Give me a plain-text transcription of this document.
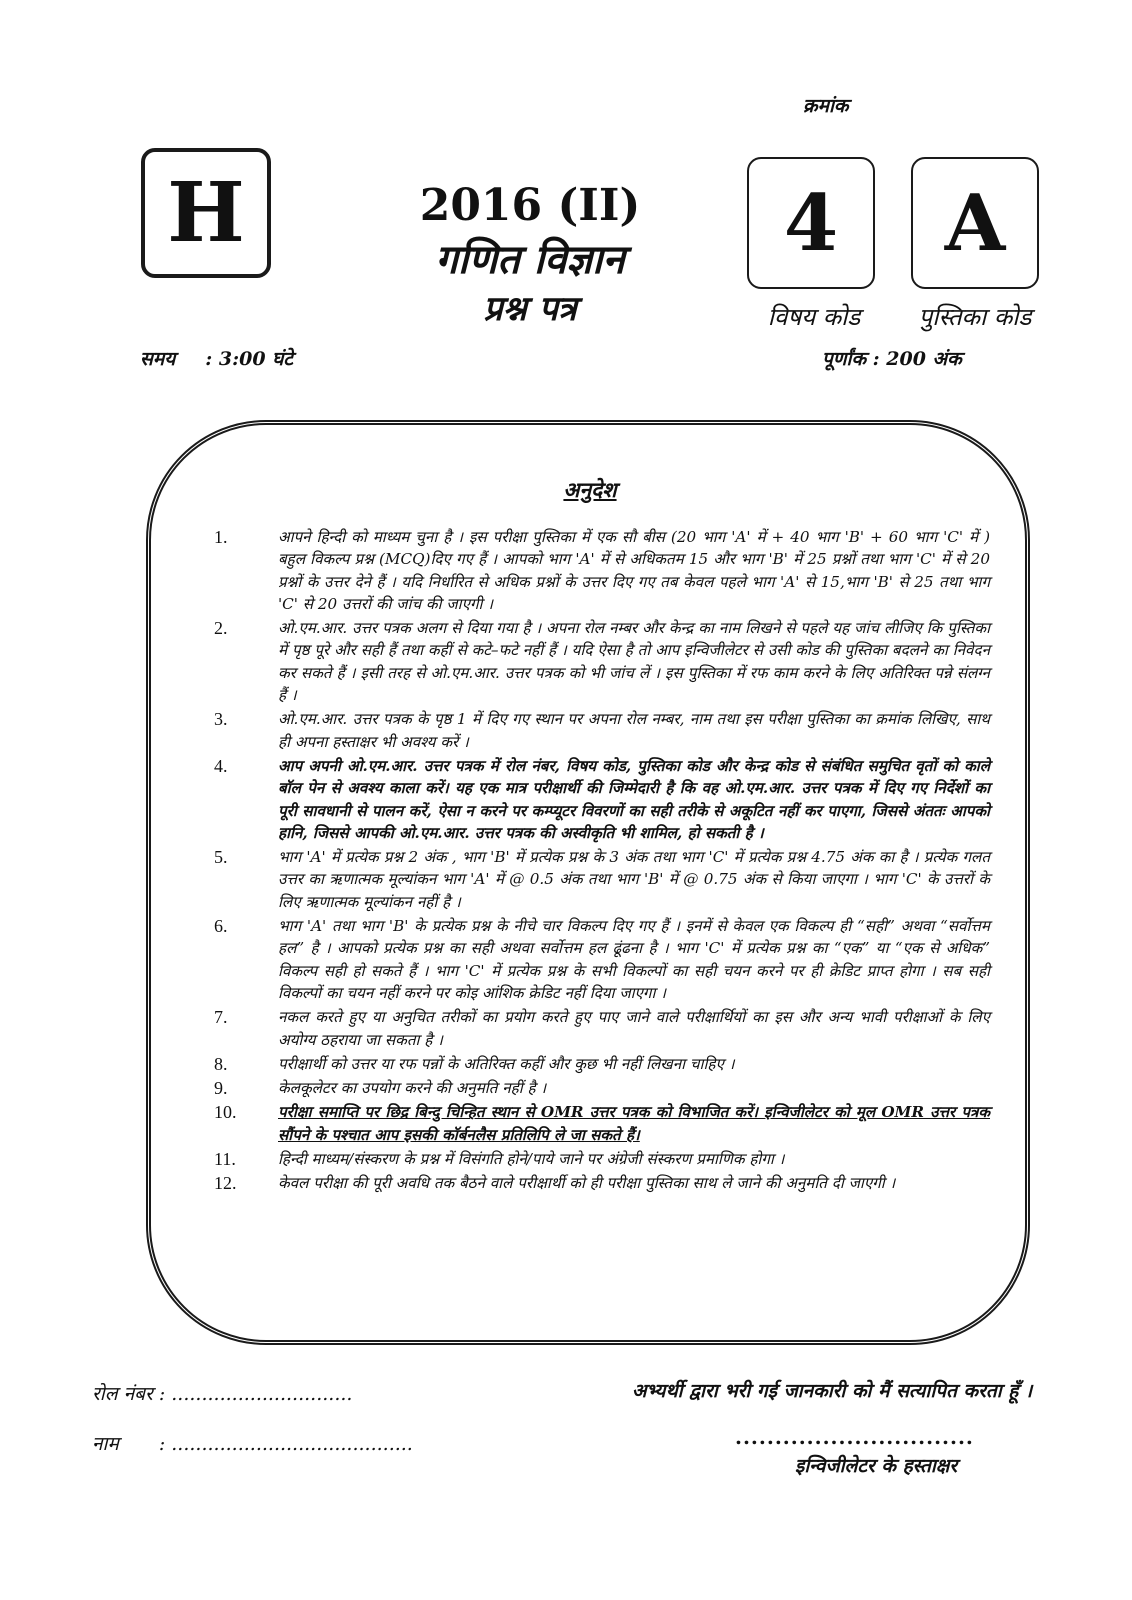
क्रमांक
H	2016 (II)
गणित विज्ञान
प्रश्न पत्र
4	A
विषय कोड	पुस्तिका कोड
समय : 3:00 घंटे	पूर्णांक : 200 अंक
अनुदेश
1.	आपने हिन्दी को माध्यम चुना है । इस परीक्षा पुस्तिका में एक सौ बीस (20 भाग 'A' में + 40 भाग 'B' + 60 भाग 'C' में ) बहुल विकल्प प्रश्न (MCQ)दिए गए हैं । आपको भाग 'A' में से अधिकतम 15 और भाग 'B' में 25 प्रश्नों तथा भाग 'C' में से 20 प्रश्नों के उत्तर देने हैं । यदि निर्धारित से अधिक प्रश्नों के उत्तर दिए गए तब केवल पहले भाग 'A' से 15,भाग 'B' से 25 तथा भाग 'C' से 20 उत्तरों की जांच की जाएगी ।
2.	ओ.एम.आर. उत्तर पत्रक अलग से दिया गया है । अपना रोल नम्बर और केन्द्र का नाम लिखने से पहले यह जांच लीजिए कि पुस्तिका में पृष्ठ पूरे और सही हैं तथा कहीं से कटे–फटे नहीं हैं । यदि ऐसा है तो आप इन्विजीलेटर से उसी कोड की पुस्तिका बदलने का निवेदन कर सकते हैं । इसी तरह से ओ.एम.आर. उत्तर पत्रक को भी जांच लें । इस पुस्तिका में रफ काम करने के लिए अतिरिक्त पन्ने संलग्न हैं ।
3.	ओ.एम.आर. उत्तर पत्रक के पृष्ठ 1 में दिए गए स्थान पर अपना रोल नम्बर, नाम तथा इस परीक्षा पुस्तिका का क्रमांक लिखिए, साथ ही अपना हस्ताक्षर भी अवश्य करें ।
4.	आप अपनी ओ.एम.आर. उत्तर पत्रक में रोल नंबर, विषय कोड, पुस्तिका कोड और केन्द्र कोड से संबंधित समुचित वृतों को काले बॉल पेन से अवश्य काला करें। यह एक मात्र परीक्षार्थी की जिम्मेदारी है कि वह ओ.एम.आर. उत्तर पत्रक में दिए गए निर्देशों का पूरी सावधानी से पालन करें, ऐसा न करने पर कम्प्यूटर विवरणों का सही तरीके से अकूटित नहीं कर पाएगा, जिससे अंततः आपको हानि, जिससे आपकी ओ.एम.आर. उत्तर पत्रक की अस्वीकृति भी शामिल, हो सकती है ।
5.	भाग 'A' में प्रत्येक प्रश्न 2 अंक , भाग 'B' में प्रत्येक प्रश्न के 3 अंक तथा भाग 'C' में प्रत्येक प्रश्न 4.75 अंक का है । प्रत्येक गलत उत्तर का ऋणात्मक मूल्यांकन भाग 'A' में @ 0.5 अंक तथा भाग 'B' में @ 0.75 अंक से किया जाएगा । भाग 'C' के उत्तरों के लिए ऋणात्मक मूल्यांकन नहीं है ।
6.	भाग 'A' तथा भाग 'B' के प्रत्येक प्रश्न के नीचे चार विकल्प दिए गए हैं । इनमें से केवल एक विकल्प ही “सही” अथवा “सर्वोत्तम हल” है । आपको प्रत्येक प्रश्न का सही अथवा सर्वोत्तम हल ढूंढना है । भाग 'C' में प्रत्येक प्रश्न का “एक” या “एक से अधिक” विकल्प सही हो सकते हैं । भाग 'C' में प्रत्येक प्रश्न के सभी विकल्पों का सही चयन करने पर ही क्रेडिट प्राप्त होगा । सब सही विकल्पों का चयन नहीं करने पर कोइ आंशिक क्रेडिट नहीं दिया जाएगा ।
7.	नकल करते हुए या अनुचित तरीकों का प्रयोग करते हुए पाए जाने वाले परीक्षार्थियों का इस और अन्य भावी परीक्षाओं के लिए अयोग्य ठहराया जा सकता है ।
8.	परीक्षार्थी को उत्तर या रफ पन्नों के अतिरिक्त कहीं और कुछ भी नहीं लिखना चाहिए ।
9.	केलकूलेटर का उपयोग करने की अनुमति नहीं है ।
10.	परीक्षा समाप्ति पर छिद्र बिन्दु चिन्हित स्थान से OMR उत्तर पत्रक को विभाजित करें। इन्विजीलेटर को मूल OMR उत्तर पत्रक सौंपने के पश्चात आप इसकी कॉर्बनलैस प्रतिलिपि ले जा सकते हैं।
11.	हिन्दी माध्यम/संस्करण के प्रश्न में विसंगति होने/पाये जाने पर अंग्रेजी संस्करण प्रमाणिक होगा ।
12.	केवल परीक्षा की पूरी अवधि तक बैठने वाले परीक्षार्थी को ही परीक्षा पुस्तिका साथ ले जाने की अनुमति दी जाएगी ।
रोल नंबर : ..............................	अभ्यर्थी द्वारा भरी गई जानकारी को मैं सत्यापित करता हूँ ।
नाम : ........................................	..............................
इन्विजीलेटर के हस्ताक्षर
